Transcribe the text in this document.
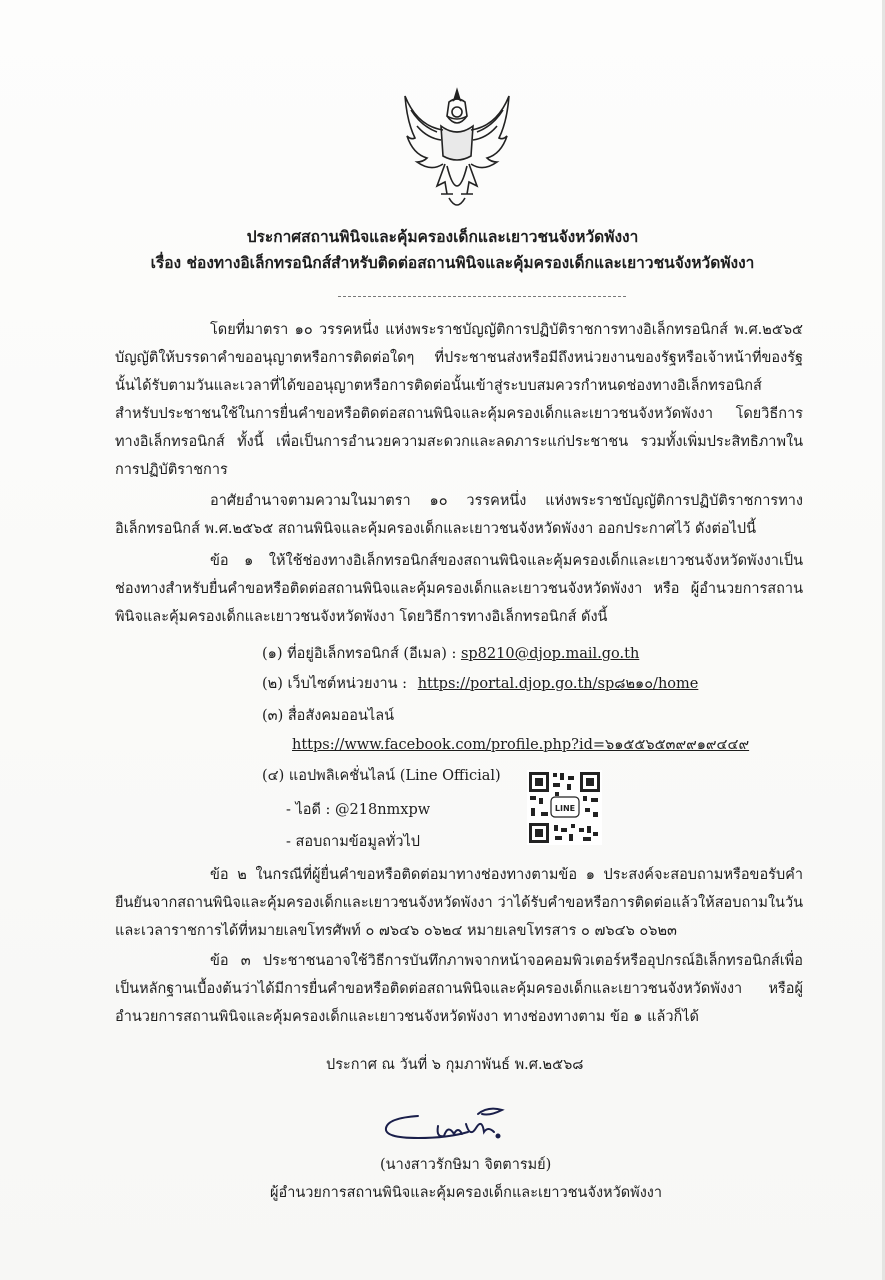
ประกาศสถานพินิจและคุ้มครองเด็กและเยาวชนจังหวัดพังงา
เรื่อง ช่องทางอิเล็กทรอนิกส์สำหรับติดต่อสถานพินิจและคุ้มครองเด็กและเยาวชนจังหวัดพังงา

โดยที่มาตรา ๑๐ วรรคหนึ่ง แห่งพระราชบัญญัติการปฏิบัติราชการทางอิเล็กทรอนิกส์ พ.ศ.๒๕๖๕ บัญญัติให้บรรดาคำขออนุญาตหรือการติดต่อใดๆ ที่ประชาชนส่งหรือมีถึงหน่วยงานของรัฐหรือเจ้าหน้าที่ของรัฐนั้นได้รับตามวันและเวลาที่ได้ขออนุญาตหรือการติดต่อนั้นเข้าสู่ระบบสมควรกำหนดช่องทางอิเล็กทรอนิกส์สำหรับประชาชนใช้ในการยื่นคำขอหรือติดต่อสถานพินิจและคุ้มครองเด็กและเยาวชนจังหวัดพังงา โดยวิธีการทางอิเล็กทรอนิกส์ ทั้งนี้ เพื่อเป็นการอำนวยความสะดวกและลดภาระแก่ประชาชน รวมทั้งเพิ่มประสิทธิภาพในการปฏิบัติราชการ

อาศัยอำนาจตามความในมาตรา ๑๐ วรรคหนึ่ง แห่งพระราชบัญญัติการปฏิบัติราชการทางอิเล็กทรอนิกส์ พ.ศ.๒๕๖๕ สถานพินิจและคุ้มครองเด็กและเยาวชนจังหวัดพังงา ออกประกาศไว้ ดังต่อไปนี้

ข้อ ๑ ให้ใช้ช่องทางอิเล็กทรอนิกส์ของสถานพินิจและคุ้มครองเด็กและเยาวชนจังหวัดพังงาเป็นช่องทางสำหรับยื่นคำขอหรือติดต่อสถานพินิจและคุ้มครองเด็กและเยาวชนจังหวัดพังงา หรือ ผู้อำนวยการสถานพินิจและคุ้มครองเด็กและเยาวชนจังหวัดพังงา โดยวิธีการทางอิเล็กทรอนิกส์ ดังนี้

(๑) ที่อยู่อิเล็กทรอนิกส์ (อีเมล) : sp8210@djop.mail.go.th
(๒) เว็บไซต์หน่วยงาน : https://portal.djop.go.th/sp๘๒๑๐/home
(๓) สื่อสังคมออนไลน์
https://www.facebook.com/profile.php?id=๖๑๕๕๖๕๓๙๙๑๙๔๔๙
(๔) แอปพลิเคชั่นไลน์ (Line Official)
- ไอดี : @218nmxpw
- สอบถามข้อมูลทั่วไป
LINE

ข้อ ๒ ในกรณีที่ผู้ยื่นคำขอหรือติดต่อมาทางช่องทางตามข้อ ๑ ประสงค์จะสอบถามหรือขอรับคำยืนยันจากสถานพินิจและคุ้มครองเด็กและเยาวชนจังหวัดพังงา ว่าได้รับคำขอหรือการติดต่อแล้วให้สอบถามในวันและเวลาราชการได้ที่หมายเลขโทรศัพท์ ๐ ๗๖๔๖ ๐๖๒๔ หมายเลขโทรสาร ๐ ๗๖๔๖ ๐๖๒๓

ข้อ ๓ ประชาชนอาจใช้วิธีการบันทึกภาพจากหน้าจอคอมพิวเตอร์หรืออุปกรณ์อิเล็กทรอนิกส์เพื่อเป็นหลักฐานเบื้องต้นว่าได้มีการยื่นคำขอหรือติดต่อสถานพินิจและคุ้มครองเด็กและเยาวชนจังหวัดพังงา หรือผู้อำนวยการสถานพินิจและคุ้มครองเด็กและเยาวชนจังหวัดพังงา ทางช่องทางตาม ข้อ ๑ แล้วก็ได้

ประกาศ ณ วันที่ ๖ กุมภาพันธ์ พ.ศ.๒๕๖๘
(นางสาวรักษิมา จิตตารมย์)
ผู้อำนวยการสถานพินิจและคุ้มครองเด็กและเยาวชนจังหวัดพังงา
